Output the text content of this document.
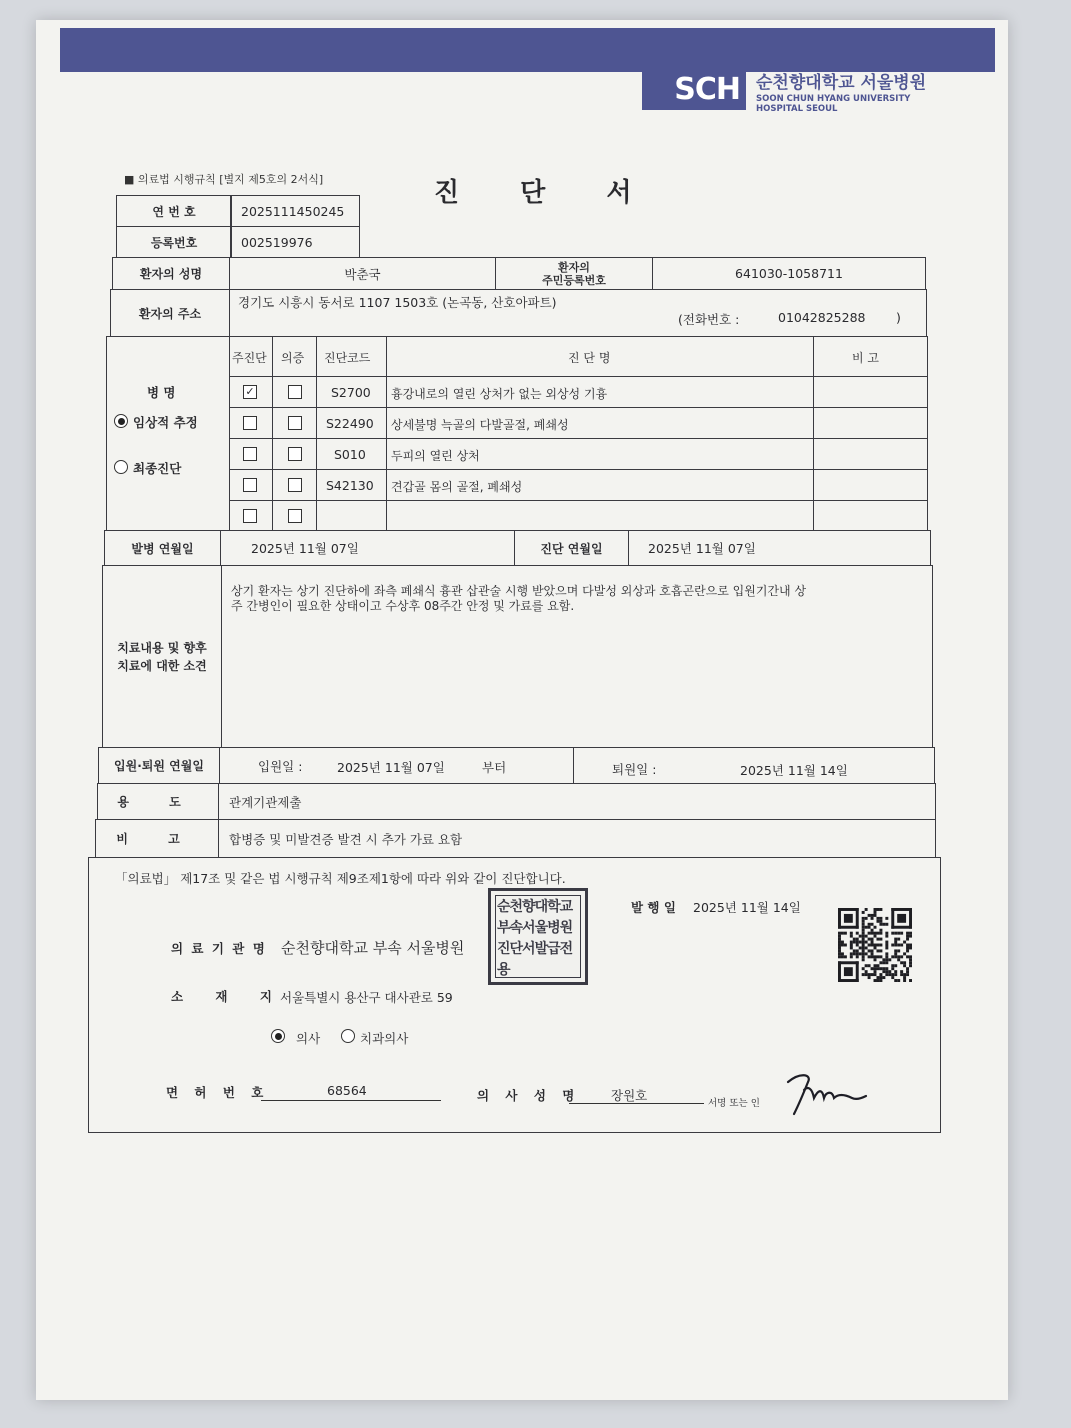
SCH 순천향대학교 서울병원
SOON CHUN HYANG UNIVERSITY
HOSPITAL SEOUL
■ 의료법 시행규칙 [별지 제5호의 2서식]	진 단 서
연 번 호	2025111450245
등록번호	002519976
환자의 성명	박춘국	환자의
주민등록번호	641030-1058711
환자의 주소
경기도 시흥시 동서로 1107 1503호 (논곡동, 산호아파트)
(전화번호 :	01042825288 )
병 명
임상적 추정
최종진단
주진단 의증 진단코드	진 단 명	비 고
✓	S2700 흉강내로의 열린 상처가 없는 외상성 기흉
S22490 상세불명 늑골의 다발골절, 폐쇄성
S010 두피의 열린 상처
S42130 견갑골 몸의 골절, 폐쇄성
발병 연월일	2025년 11월 07일	진단 연월일	2025년 11월 07일
치료내용 및 향후
치료에 대한 소견
상기 환자는 상기 진단하에 좌측 폐쇄식 흉관 삽관술 시행 받았으며 다발성 외상과 호흡곤란으로 입원기간내 상
주 간병인이 필요한 상태이고 수상후 08주간 안정 및 가료를 요함.
입원·퇴원 연월일	입원일 :	2025년 11월 07일	부터	퇴원일 :	2025년 11월 14일
용 도	관계기관제출
비 고	합병증 및 미발견증 발견 시 추가 가료 요함
「의료법」 제17조 및 같은 법 시행규칙 제9조제1항에 따라 위와 같이 진단합니다.
발 행 일 2025년 11월 14일
의 료 기 관 명 순천향대학교 부속 서울병원
소 재 지
서울특별시 용산구 대사관로 59
의사	치과의사
면 허 번 호	68564	의 사 성 명 장원호
서명 또는 인
순천향대학교부속서울병원진단서발급전용
